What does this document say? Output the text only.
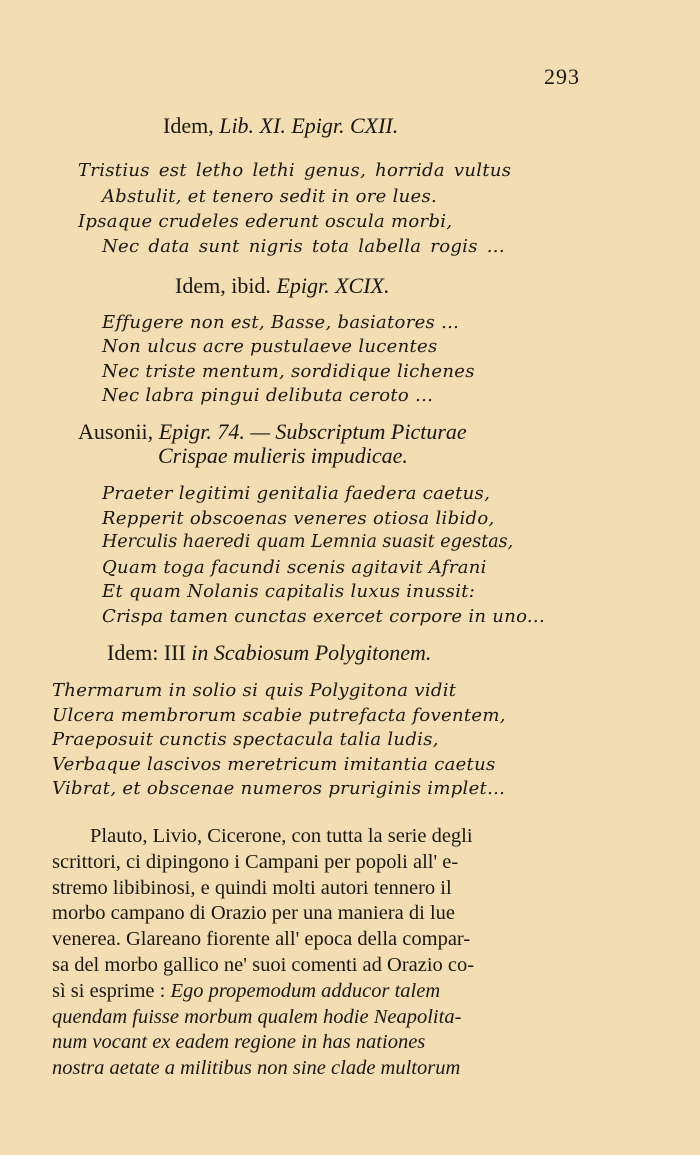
293
Idem, Lib. XI. Epigr. CXII.
Tristius est letho lethi genus, horrida vultus
Abstulit, et tenero sedit in ore lues.
Ipsaque crudeles ederunt oscula morbi,
Nec data sunt nigris tota labella rogis ...
Idem, ibid. Epigr. XCIX.
Effugere non est, Basse, basiatores ...
Non ulcus acre pustulaeve lucentes
Nec triste mentum, sordidique lichenes
Nec labra pingui delibuta ceroto ...
Ausonii, Epigr. 74. — Subscriptum Picturae
Crispae mulieris impudicae.
Praeter legitimi genitalia faedera caetus,
Repperit obscoenas veneres otiosa libido,
Herculis haeredi quam Lemnia suasit egestas,
Quam toga facundi scenis agitavit Afrani
Et quam Nolanis capitalis luxus inussit:
Crispa tamen cunctas exercet corpore in uno...
Idem: III in Scabiosum Polygitonem.
Thermarum in solio si quis Polygitona vidit
Ulcera membrorum scabie putrefacta foventem,
Praeposuit cunctis spectacula talia ludis,
Verbaque lascivos meretricum imitantia caetus
Vibrat, et obscenae numeros pruriginis implet...
Plauto, Livio, Cicerone, con tutta la serie degli
scrittori, ci dipingono i Campani per popoli all' e-
stremo libibinosi, e quindi molti autori tennero il
morbo campano di Orazio per una maniera di lue
venerea. Glareano fiorente all' epoca della compar-
sa del morbo gallico ne' suoi comenti ad Orazio co-
sì si esprime : Ego propemodum adducor talem
quendam fuisse morbum qualem hodie Neapolita-
num vocant ex eadem regione in has nationes
nostra aetate a militibus non sine clade multorum
